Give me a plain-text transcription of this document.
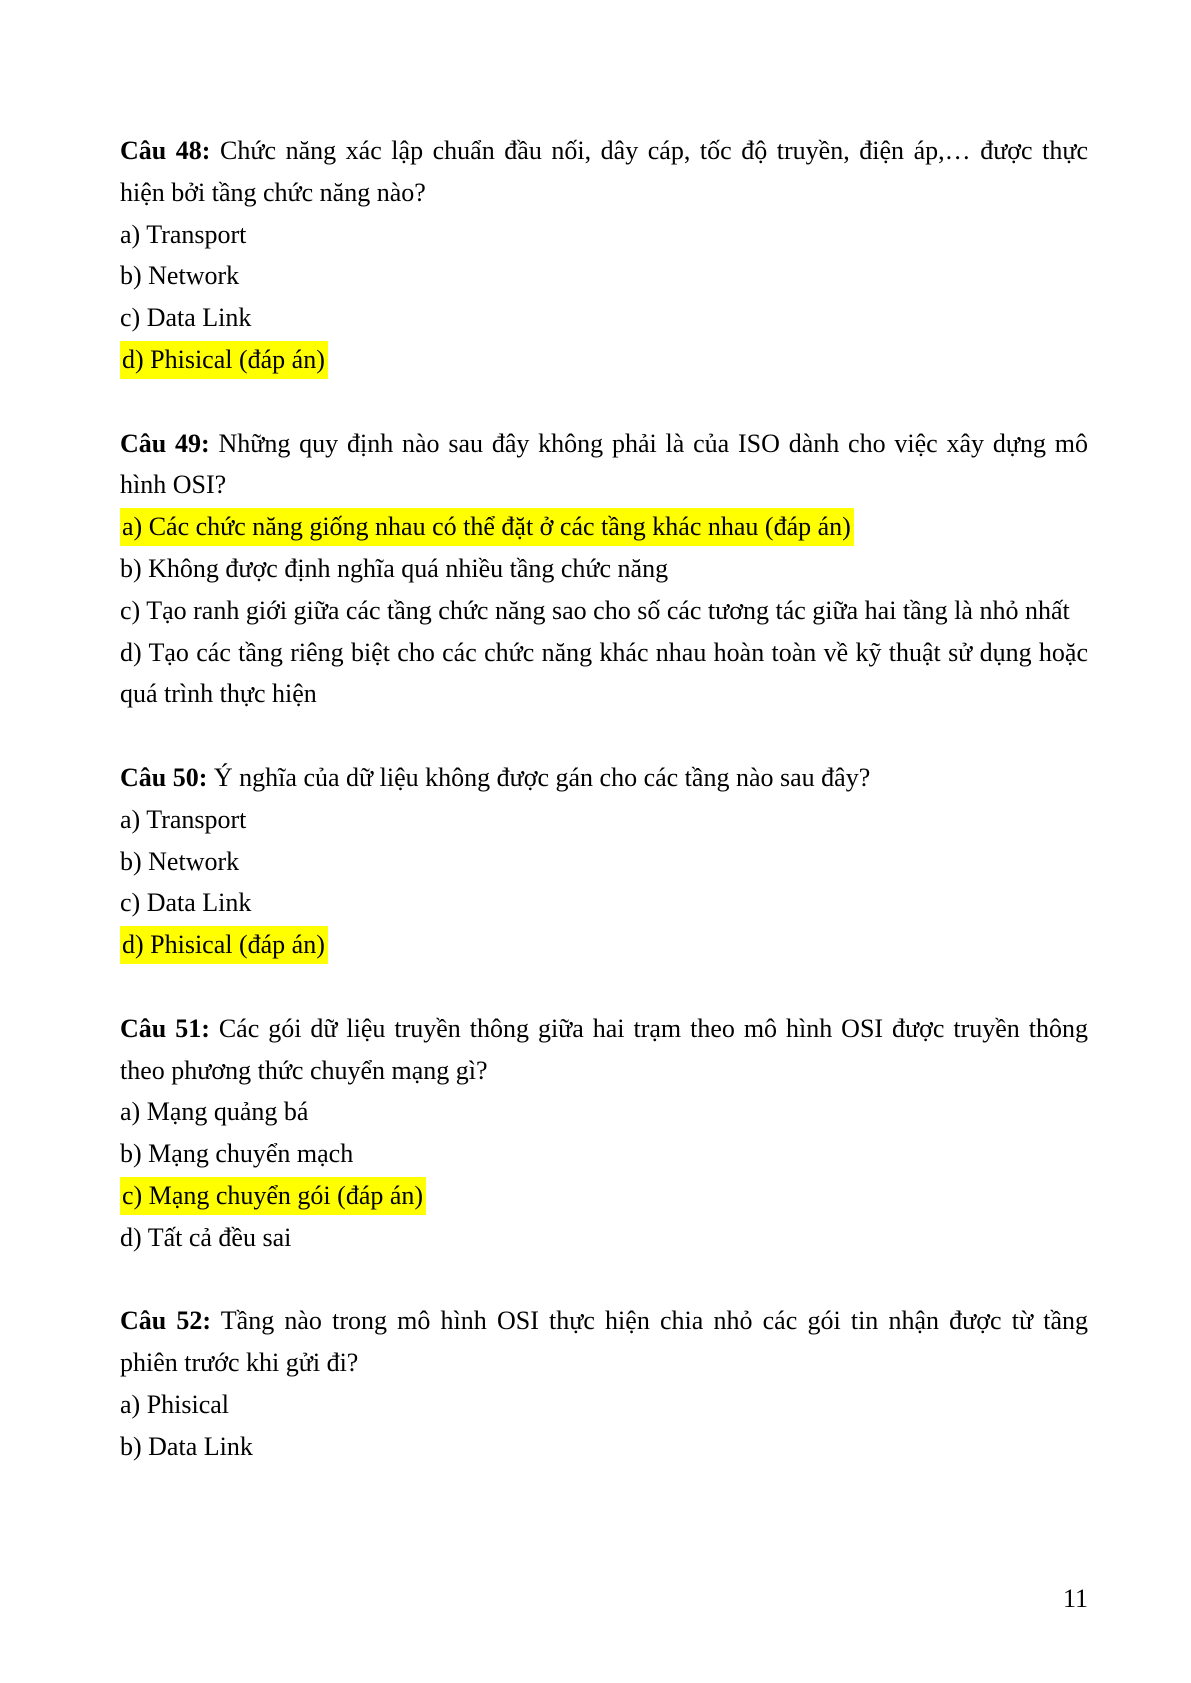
Câu 48: Chức năng xác lập chuẩn đầu nối, dây cáp, tốc độ truyền, điện áp,… được thực
hiện bởi tầng chức năng nào?
a) Transport
b) Network
c) Data Link
d) Phisical (đáp án)
Câu 49: Những quy định nào sau đây không phải là của ISO dành cho việc xây dựng mô
hình OSI?
a) Các chức năng giống nhau có thể đặt ở các tầng khác nhau (đáp án)
b) Không được định nghĩa quá nhiều tầng chức năng
c) Tạo ranh giới giữa các tầng chức năng sao cho số các tương tác giữa hai tầng là nhỏ nhất
d) Tạo các tầng riêng biệt cho các chức năng khác nhau hoàn toàn về kỹ thuật sử dụng hoặc
quá trình thực hiện
Câu 50: Ý nghĩa của dữ liệu không được gán cho các tầng nào sau đây?
a) Transport
b) Network
c) Data Link
d) Phisical (đáp án)
Câu 51: Các gói dữ liệu truyền thông giữa hai trạm theo mô hình OSI được truyền thông
theo phương thức chuyển mạng gì?
a) Mạng quảng bá
b) Mạng chuyển mạch
c) Mạng chuyển gói (đáp án)
d) Tất cả đều sai
Câu 52: Tầng nào trong mô hình OSI thực hiện chia nhỏ các gói tin nhận được từ tầng
phiên trước khi gửi đi?
a) Phisical
b) Data Link
11
